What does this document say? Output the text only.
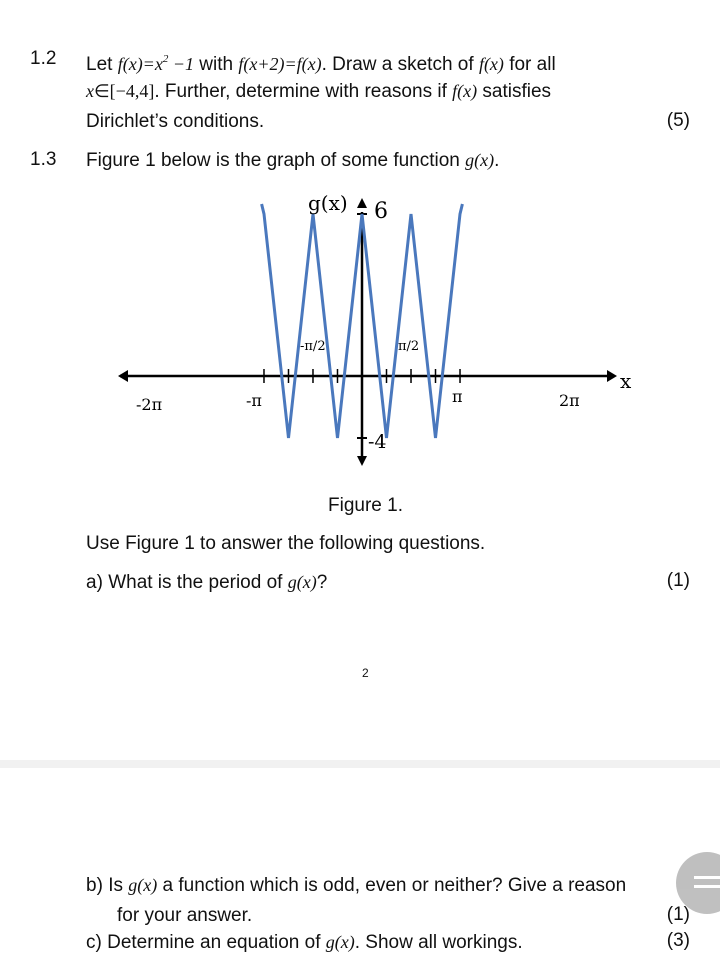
1.2 Let $f(x)=x^2 -1$ with f(x+2)=f(x). Draw a sketch of f(x) for all
x∈[−4,4]. Further, determine with reasons if f(x) satisfies
Dirichlet’s conditions.	(5)
1.3 Figure 1 below is the graph of some function g(x).
g(x) 6
-4
x
-2π	-π
-π/2	π/2
π	2π
Figure 1.
Use Figure 1 to answer the following questions.
a) What is the period of g(x)?	(1)
2
b) Is g(x) a function which is odd, even or neither? Give a reason
for your answer.	(1)
c) Determine an equation of g(x). Show all workings.	(3)
